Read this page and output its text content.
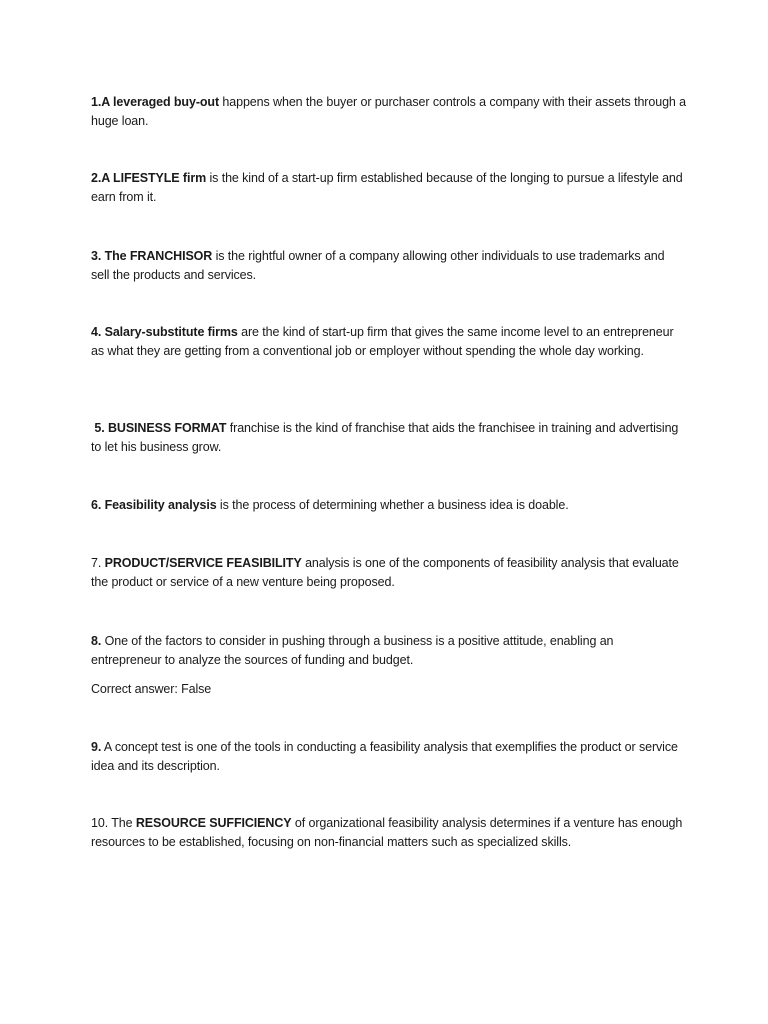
1.A leveraged buy-out happens when the buyer or purchaser controls a company with their assets through a huge loan.
2.A LIFESTYLE firm is the kind of a start-up firm established because of the longing to pursue a lifestyle and earn from it.
3. The FRANCHISOR is the rightful owner of a company allowing other individuals to use trademarks and sell the products and services.
4. Salary-substitute firms are the kind of start-up firm that gives the same income level to an entrepreneur as what they are getting from a conventional job or employer without spending the whole day working.
5. BUSINESS FORMAT franchise is the kind of franchise that aids the franchisee in training and advertising to let his business grow.
6. Feasibility analysis is the process of determining whether a business idea is doable.
7. PRODUCT/SERVICE FEASIBILITY analysis is one of the components of feasibility analysis that evaluate the product or service of a new venture being proposed.
8. One of the factors to consider in pushing through a business is a positive attitude, enabling an entrepreneur to analyze the sources of funding and budget.
Correct answer: False
9. A concept test is one of the tools in conducting a feasibility analysis that exemplifies the product or service idea and its description.
10. The RESOURCE SUFFICIENCY of organizational feasibility analysis determines if a venture has enough resources to be established, focusing on non-financial matters such as specialized skills.
